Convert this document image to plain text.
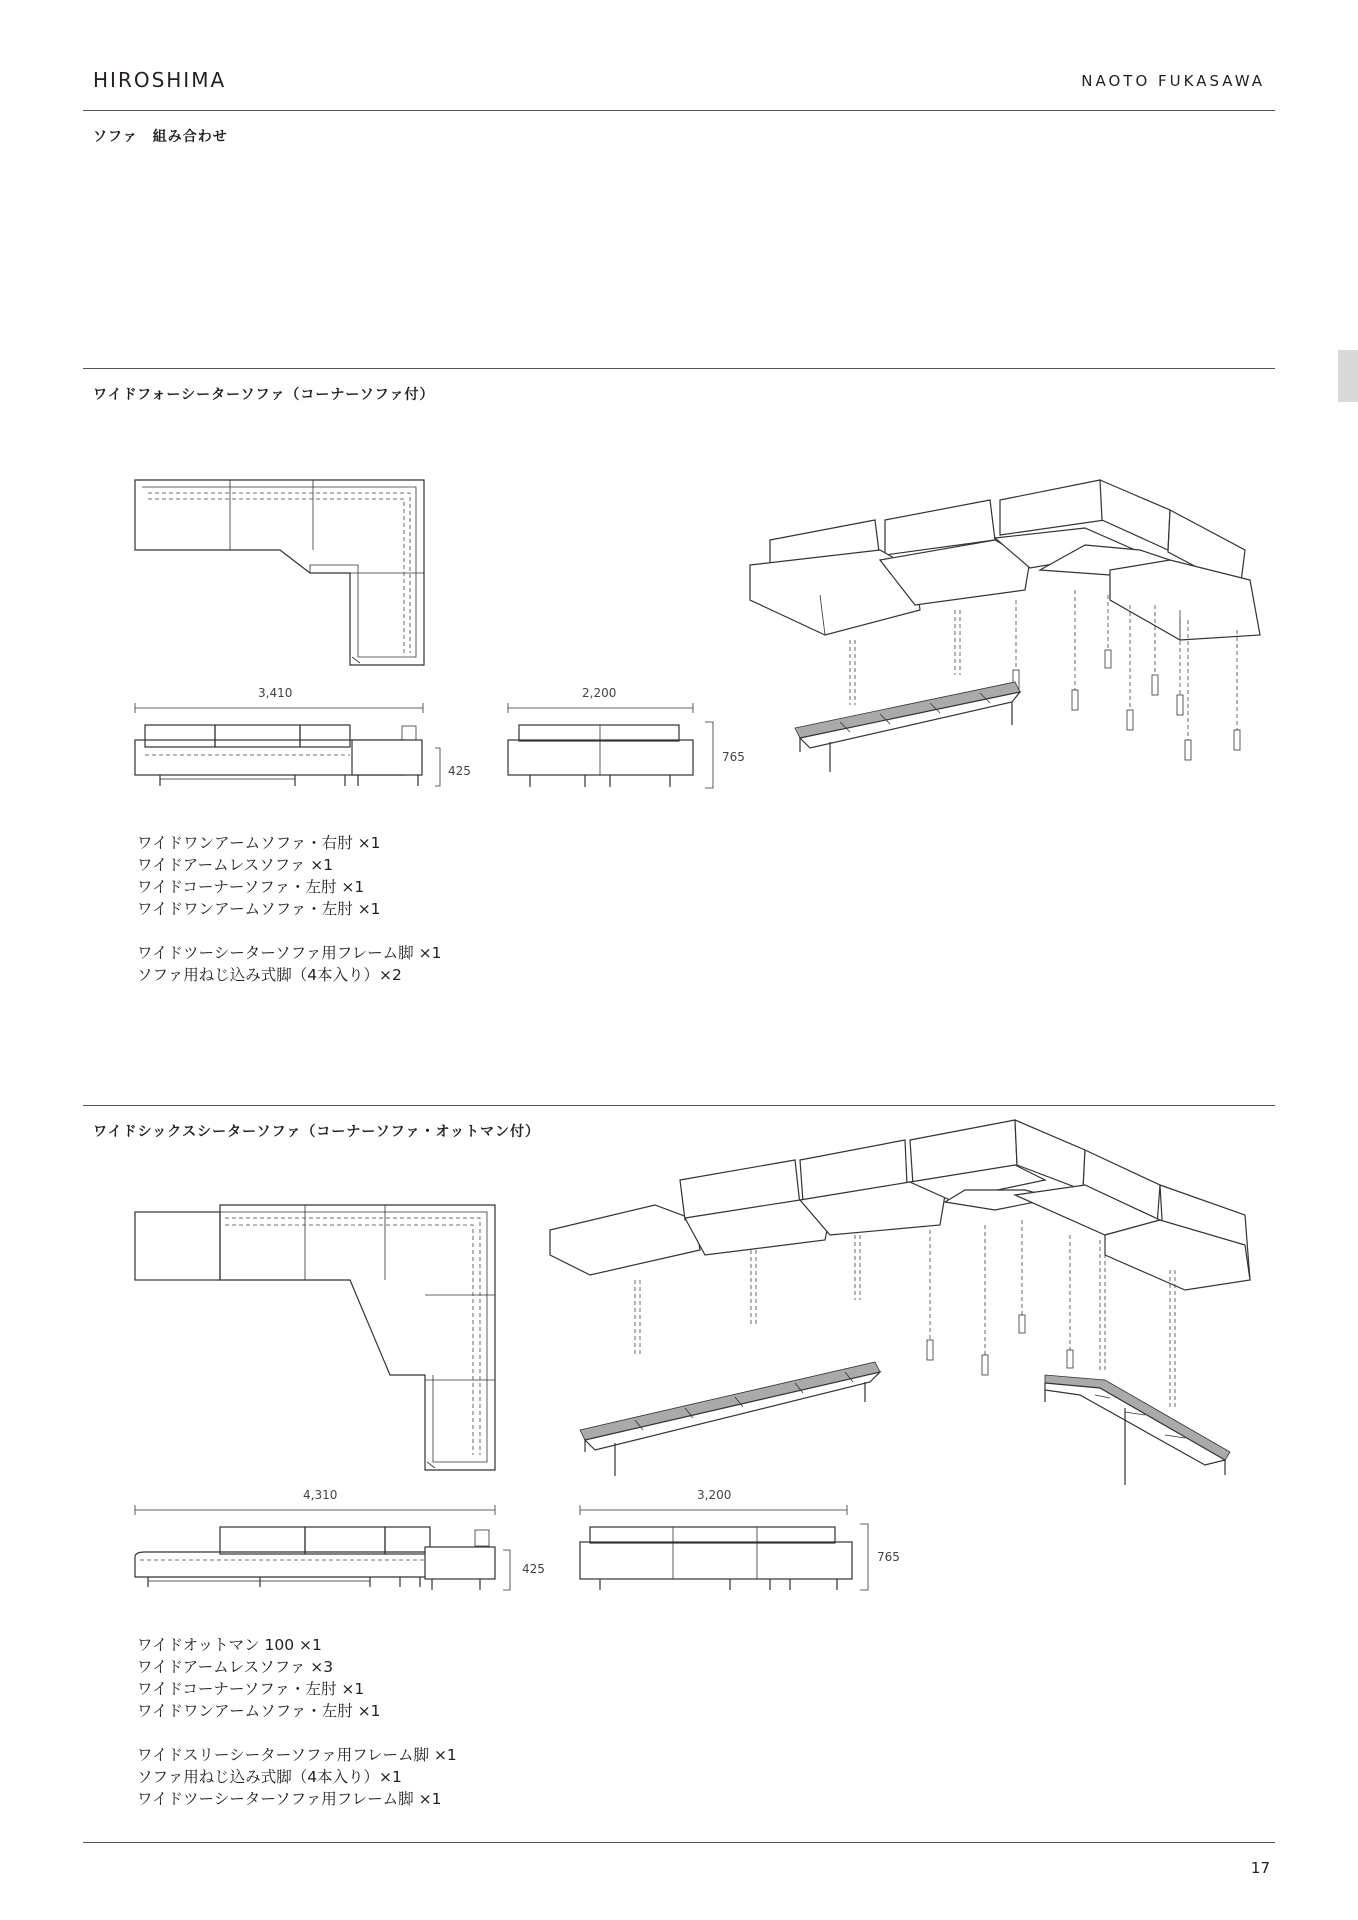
HIROSHIMA	NAOTO FUKASAWA
ソファ　組み合わせ
ワイドフォーシーターソファ（コーナーソファ付）
3,410
425
2,200
765
ワイドワンアームソファ・右肘 ×1
ワイドアームレスソファ ×1
ワイドコーナーソファ・左肘 ×1
ワイドワンアームソファ・左肘 ×1
ワイドツーシーターソファ用フレーム脚 ×1
ソファ用ねじ込み式脚（4本入り）×2
ワイドシックスシーターソファ（コーナーソファ・オットマン付）
4,310
425
3,200
765
ワイドオットマン 100 ×1
ワイドアームレスソファ ×3
ワイドコーナーソファ・左肘 ×1
ワイドワンアームソファ・左肘 ×1
ワイドスリーシーターソファ用フレーム脚 ×1
ソファ用ねじ込み式脚（4本入り）×1
ワイドツーシーターソファ用フレーム脚 ×1
17
